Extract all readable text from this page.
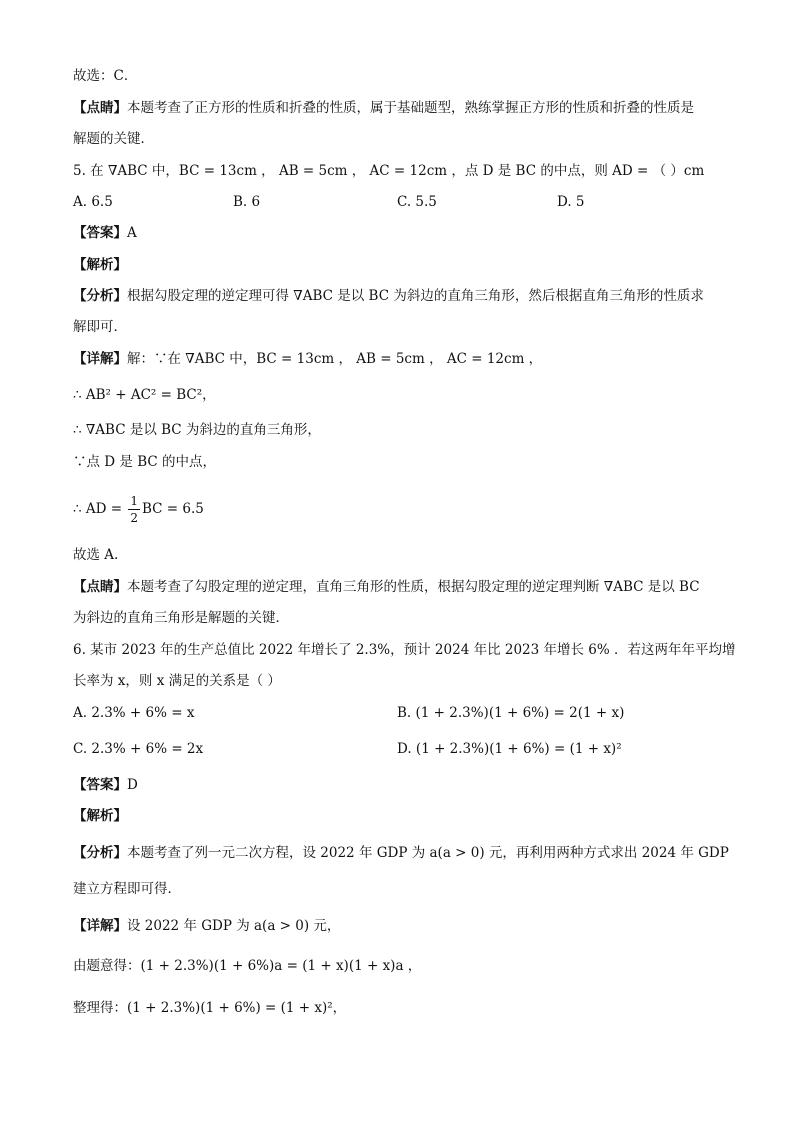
故选：C．
【点睛】本题考查了正方形的性质和折叠的性质，属于基础题型，熟练掌握正方形的性质和折叠的性质是
解题的关键．
5. 在 ∇ABC 中，BC = 13cm ， AB = 5cm ， AC = 12cm ，点 D 是 BC 的中点，则 AD = （ ）cm
A. 6.5	B. 6	C. 5.5	D. 5
【答案】A
【解析】
【分析】根据勾股定理的逆定理可得 ∇ABC 是以 BC 为斜边的直角三角形，然后根据直角三角形的性质求
解即可．
【详解】解：∵在 ∇ABC 中，BC = 13cm ， AB = 5cm ， AC = 12cm ，
∴ AB² + AC² = BC²，
∴ ∇ABC 是以 BC 为斜边的直角三角形，
∵点 D 是 BC 的中点，
∴ AD = $\frac{1}{2}$ BC = 6.5
故选 A.
【点睛】本题考查了勾股定理的逆定理，直角三角形的性质，根据勾股定理的逆定理判断 ∇ABC 是以 BC
为斜边的直角三角形是解题的关键．
6. 某市 2023 年的生产总值比 2022 年增长了 2.3%，预计 2024 年比 2023 年增长 6% ．若这两年年平均增
长率为 x，则 x 满足的关系是（ ）
A. 2.3% + 6% = x	B. (1 + 2.3%)(1 + 6%) = 2(1 + x)
C. 2.3% + 6% = 2x	D. (1 + 2.3%)(1 + 6%) = (1 + x)²
【答案】D
【解析】
【分析】本题考查了列一元二次方程，设 2022 年 GDP 为 a(a > 0) 元，再利用两种方式求出 2024 年 GDP
建立方程即可得．
【详解】设 2022 年 GDP 为 a(a > 0) 元，
由题意得：(1 + 2.3%)(1 + 6%)a = (1 + x)(1 + x)a ，
整理得：(1 + 2.3%)(1 + 6%) = (1 + x)²，
